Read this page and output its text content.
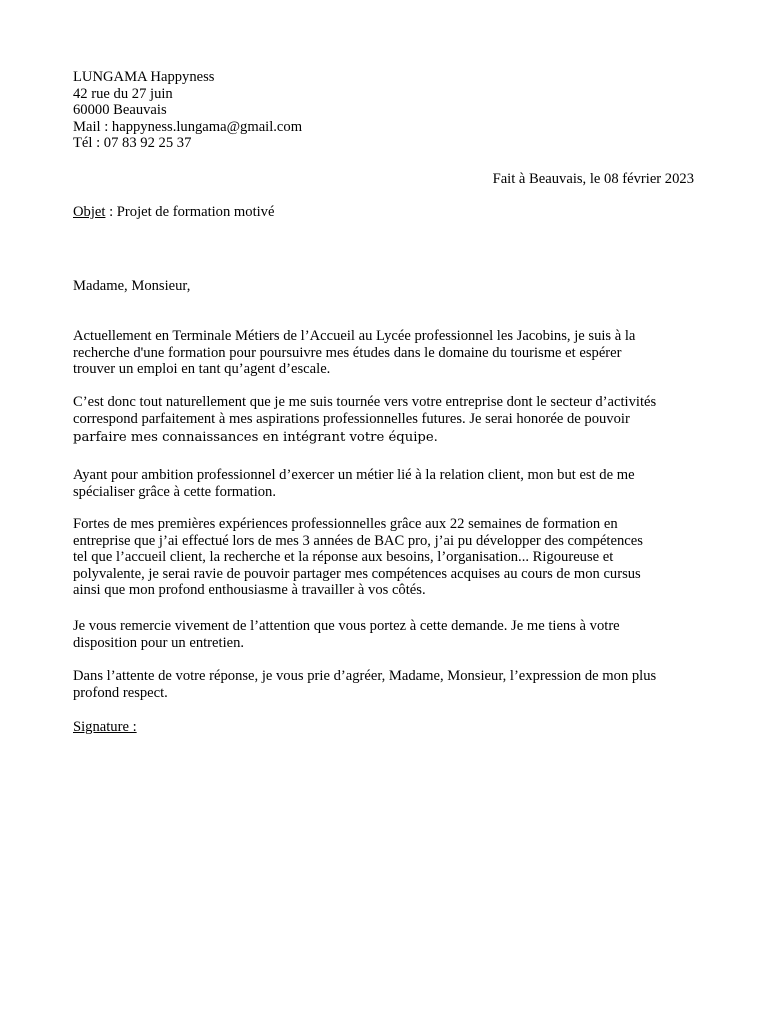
LUNGAMA Happyness
42 rue du 27 juin
60000 Beauvais
Mail : happyness.lungama@gmail.com
Tél : 07 83 92 25 37
Fait à Beauvais, le 08 février 2023
Objet : Projet de formation motivé
Madame, Monsieur,
Actuellement en Terminale Métiers de l’Accueil au Lycée professionnel les Jacobins, je suis à la
recherche d'une formation pour poursuivre mes études dans le domaine du tourisme et espérer
trouver un emploi en tant qu’agent d’escale.
C’est donc tout naturellement que je me suis tournée vers votre entreprise dont le secteur d’activités
correspond parfaitement à mes aspirations professionnelles futures. Je serai honorée de pouvoir
parfaire mes connaissances en intégrant votre équipe.
Ayant pour ambition professionnel d’exercer un métier lié à la relation client, mon but est de me
spécialiser grâce à cette formation.
Fortes de mes premières expériences professionnelles grâce aux 22 semaines de formation en
entreprise que j’ai effectué lors de mes 3 années de BAC pro, j’ai pu développer des compétences
tel que l’accueil client, la recherche et la réponse aux besoins, l’organisation... Rigoureuse et
polyvalente, je serai ravie de pouvoir partager mes compétences acquises au cours de mon cursus
ainsi que mon profond enthousiasme à travailler à vos côtés.
Je vous remercie vivement de l’attention que vous portez à cette demande. Je me tiens à votre
disposition pour un entretien.
Dans l’attente de votre réponse, je vous prie d’agréer, Madame, Monsieur, l’expression de mon plus
profond respect.
Signature :
